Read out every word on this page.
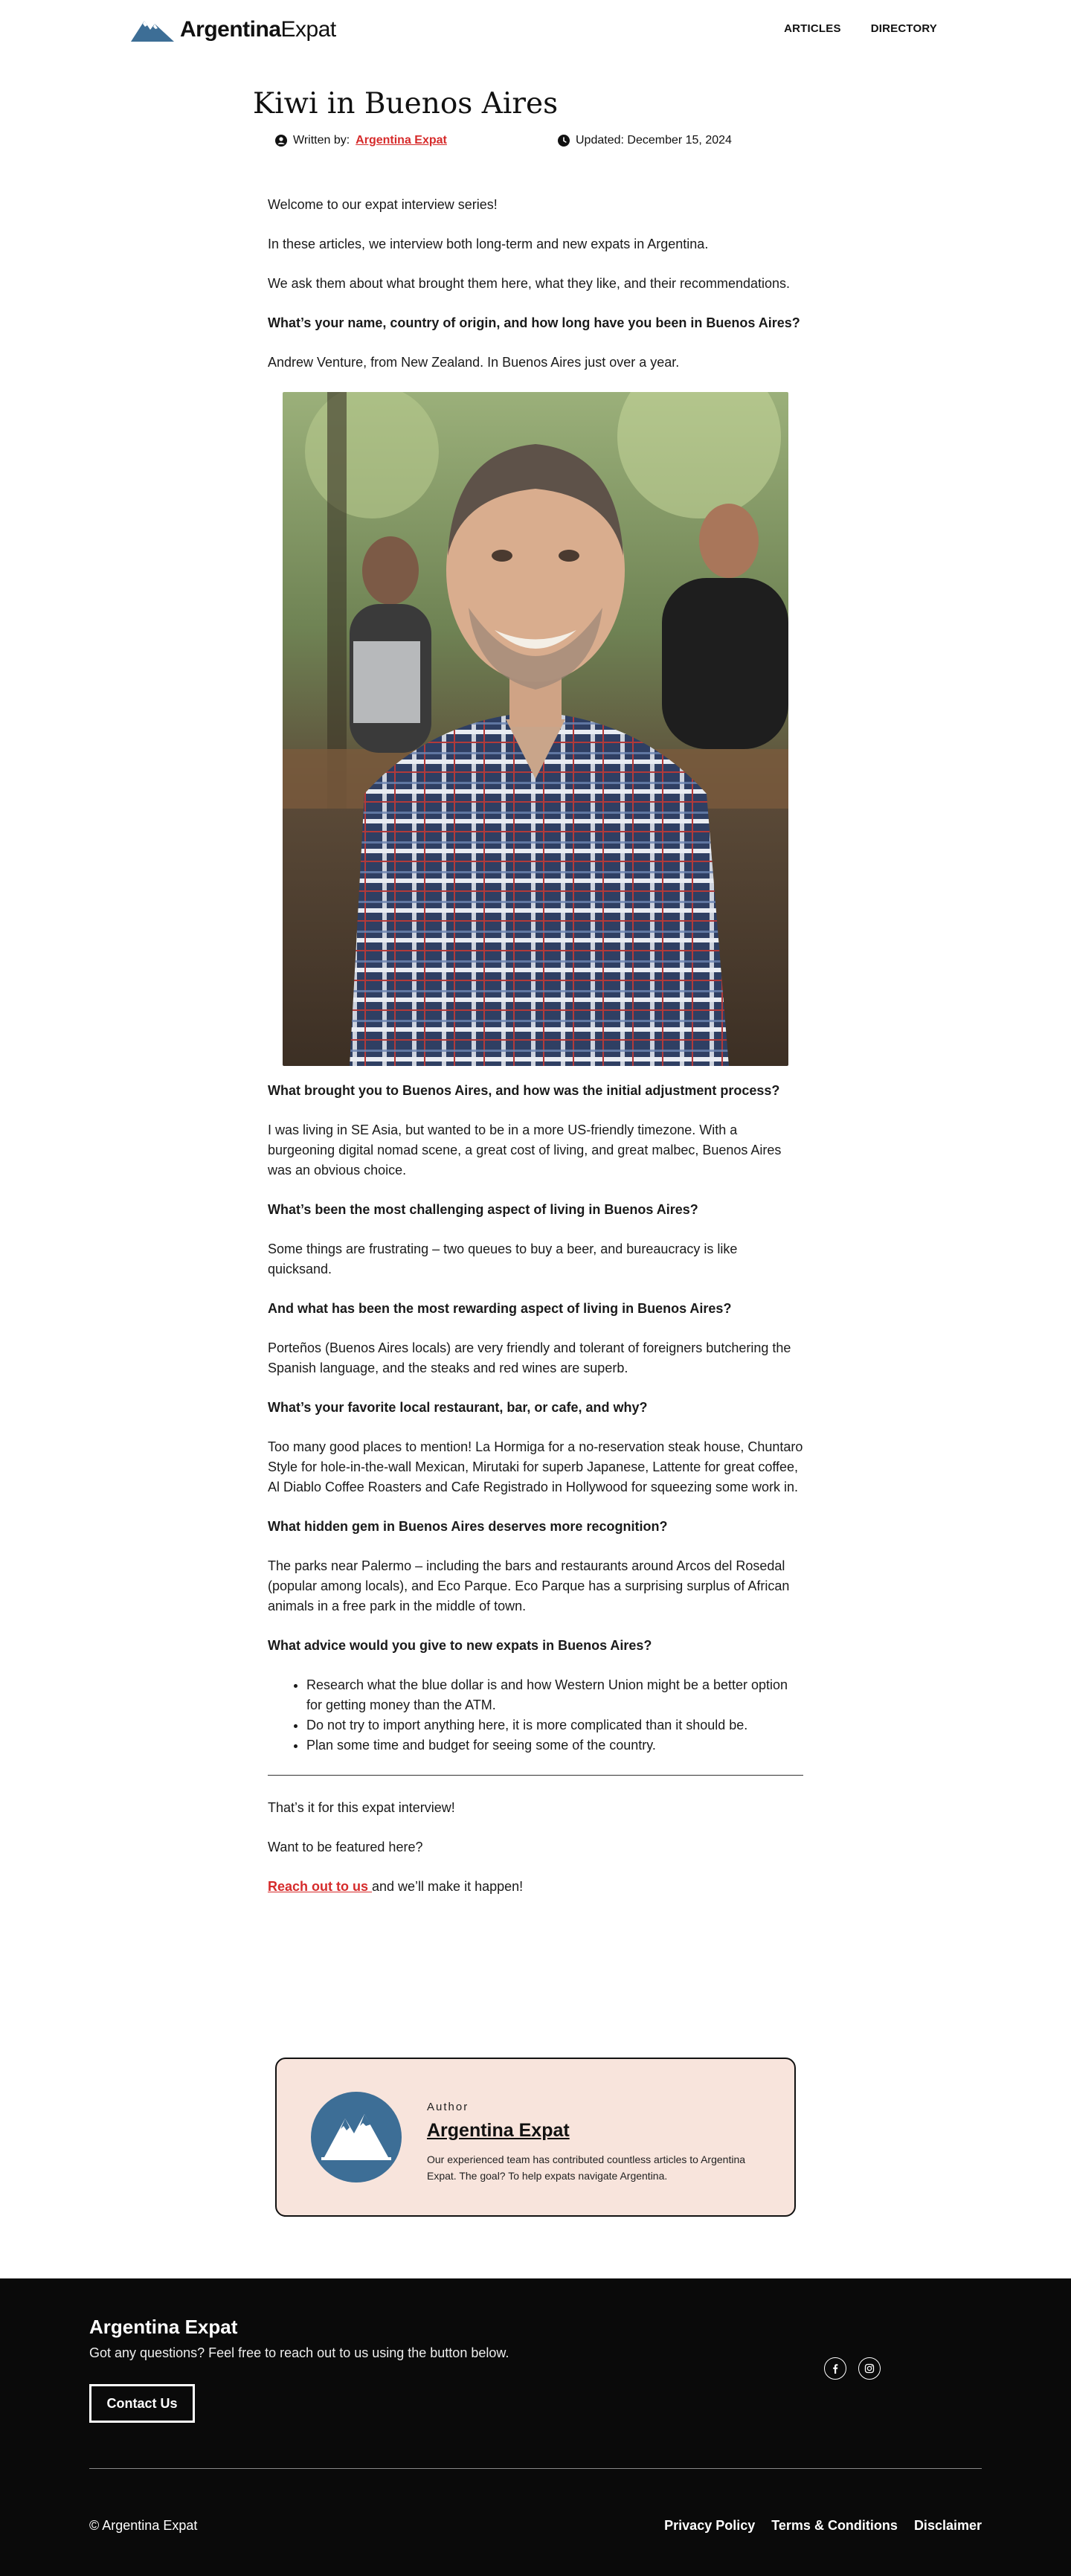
ArgentinaExpat	ARTICLES	DIRECTORY
Kiwi in Buenos Aires
Written by: Argentina Expat	Updated: December 15, 2024

Welcome to our expat interview series!

In these articles, we interview both long-term and new expats in Argentina.

We ask them about what brought them here, what they like, and their recommendations.

What’s your name, country of origin, and how long have you been in Buenos Aires?

Andrew Venture, from New Zealand. In Buenos Aires just over a year.

What brought you to Buenos Aires, and how was the initial adjustment process?

I was living in SE Asia, but wanted to be in a more US-friendly timezone. With a burgeoning digital nomad scene, a great cost of living, and great malbec, Buenos Aires was an obvious choice.

What’s been the most challenging aspect of living in Buenos Aires?

Some things are frustrating – two queues to buy a beer, and bureaucracy is like quicksand.

And what has been the most rewarding aspect of living in Buenos Aires?

Porteños (Buenos Aires locals) are very friendly and tolerant of foreigners butchering the Spanish language, and the steaks and red wines are superb.

What’s your favorite local restaurant, bar, or cafe, and why?

Too many good places to mention! La Hormiga for a no-reservation steak house, Chuntaro Style for hole-in-the-wall Mexican, Mirutaki for superb Japanese, Lattente for great coffee, Al Diablo Coffee Roasters and Cafe Registrado in Hollywood for squeezing some work in.

What hidden gem in Buenos Aires deserves more recognition?

The parks near Palermo – including the bars and restaurants around Arcos del Rosedal (popular among locals), and Eco Parque. Eco Parque has a surprising surplus of African animals in a free park in the middle of town.

What advice would you give to new expats in Buenos Aires?

• Research what the blue dollar is and how Western Union might be a better option for getting money than the ATM.
• Do not try to import anything here, it is more complicated than it should be.
• Plan some time and budget for seeing some of the country.

That’s it for this expat interview!

Want to be featured here?

Reach out to us and we’ll make it happen!

Author
Argentina Expat
Our experienced team has contributed countless articles to Argentina Expat. The goal? To help expats navigate Argentina.
Argentina Expat
Got any questions? Feel free to reach out to us using the button below.
Contact Us
© Argentina Expat	Privacy Policy Terms & Conditions Disclaimer
